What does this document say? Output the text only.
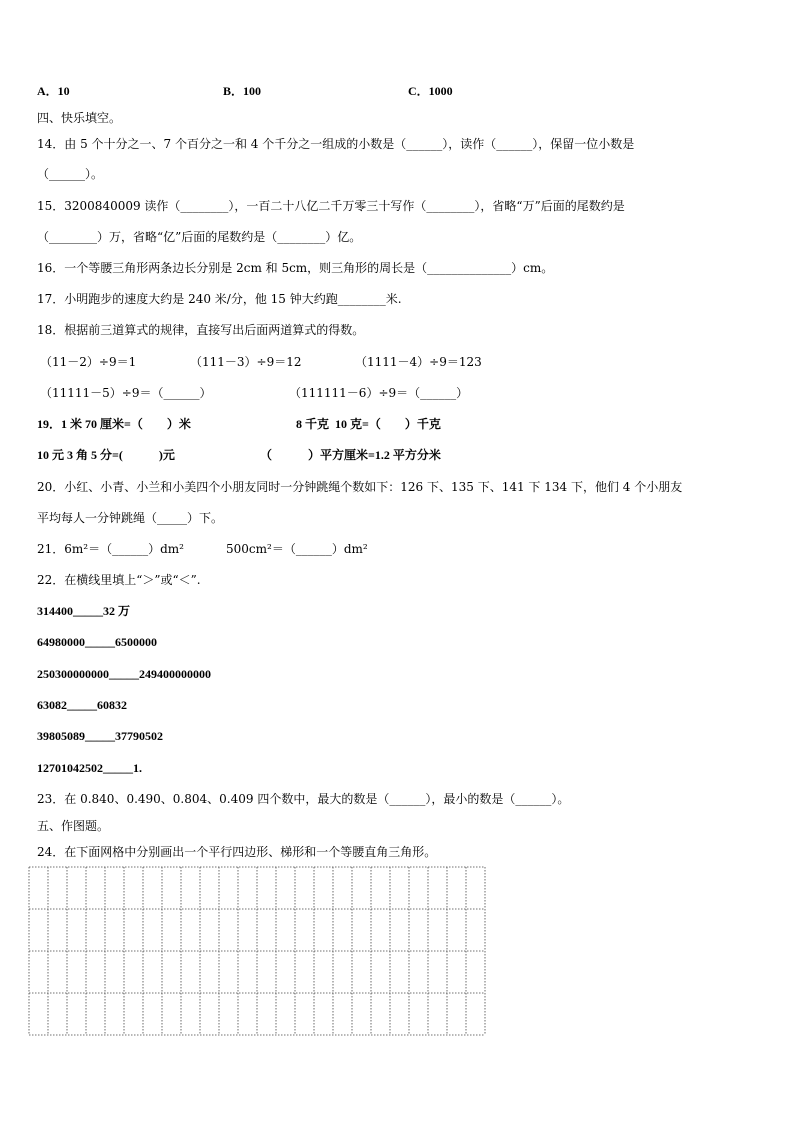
A．10	B．100	C．1000
四、快乐填空。
14．由 5 个十分之一、7 个百分之一和 4 个千分之一组成的小数是（______），读作（______），保留一位小数是
（______）。
15．3200840009 读作（________），一百二十八亿二千万零三十写作（________），省略“万”后面的尾数约是
（________）万，省略“亿”后面的尾数约是（________）亿。
16．一个等腰三角形两条边长分别是 2cm 和 5cm，则三角形的周长是（______________）cm。
17．小明跑步的速度大约是 240 米/分，他 15 钟大约跑________米.
18．根据前三道算式的规律，直接写出后面两道算式的得数。
（11－2）÷9＝1	（111－3）÷9＝12	（1111－4）÷9＝123
（11111－5）÷9＝（______）	（111111－6）÷9＝（______）
19．1 米 70 厘米=（　　）米	8 千克  10 克=（　　）千克
10 元 3 角 5 分=(　　　)元	（　　　）平方厘米=1.2 平方分米
20．小红、小青、小兰和小美四个小朋友同时一分钟跳绳个数如下：126 下、135 下、141 下 134 下，他们 4 个小朋友
平均每人一分钟跳绳（_____）下。
21．6m²＝（______）dm²	500cm²＝（______）dm²
22．在横线里填上“＞”或“＜”.
314400_____32 万
64980000_____6500000
250300000000_____249400000000
63082_____60832
39805089_____37790502
12701042502_____1.
23．在 0.840、0.490、0.804、0.409 四个数中，最大的数是（______），最小的数是（______）。
五、作图题。
24．在下面网格中分别画出一个平行四边形、梯形和一个等腰直角三角形。
